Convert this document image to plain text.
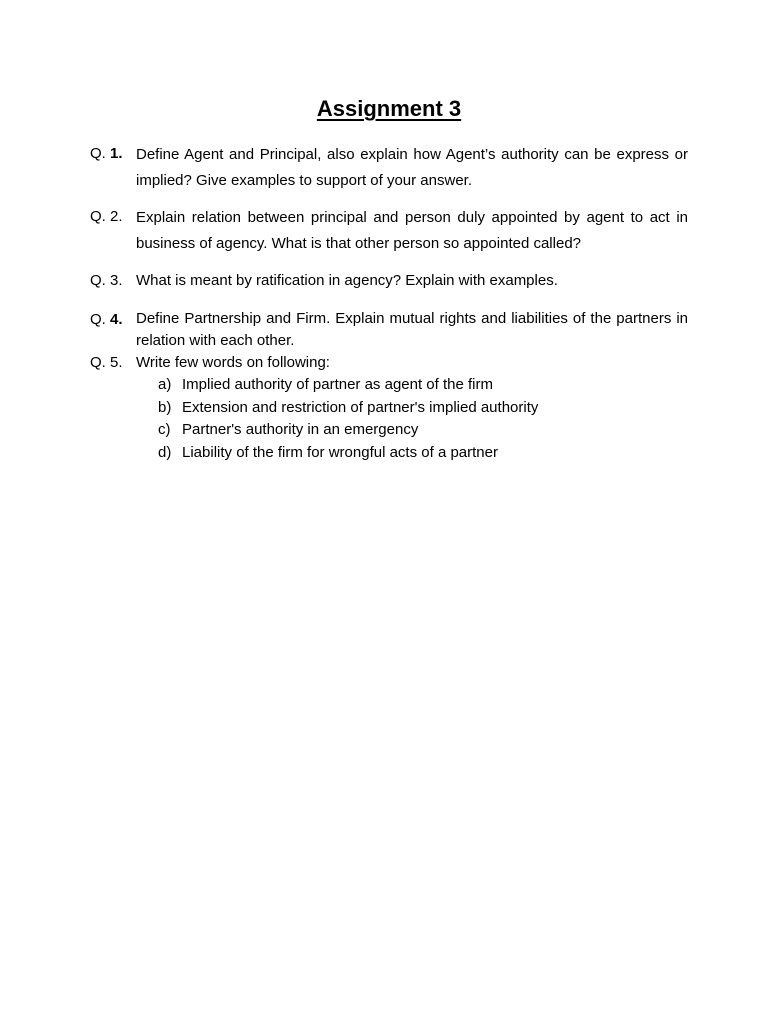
Assignment 3
Q. 1. Define Agent and Principal, also explain how Agent’s authority can be express or implied? Give examples to support of your answer.
Q. 2. Explain relation between principal and person duly appointed by agent to act in business of agency. What is that other person so appointed called?
Q. 3. What is meant by ratification in agency? Explain with examples.
Q. 4. Define Partnership and Firm. Explain mutual rights and liabilities of the partners in relation with each other.
Q. 5. Write few words on following:
a) Implied authority of partner as agent of the firm
b) Extension and restriction of partner's implied authority
c) Partner's authority in an emergency
d) Liability of the firm for wrongful acts of a partner
